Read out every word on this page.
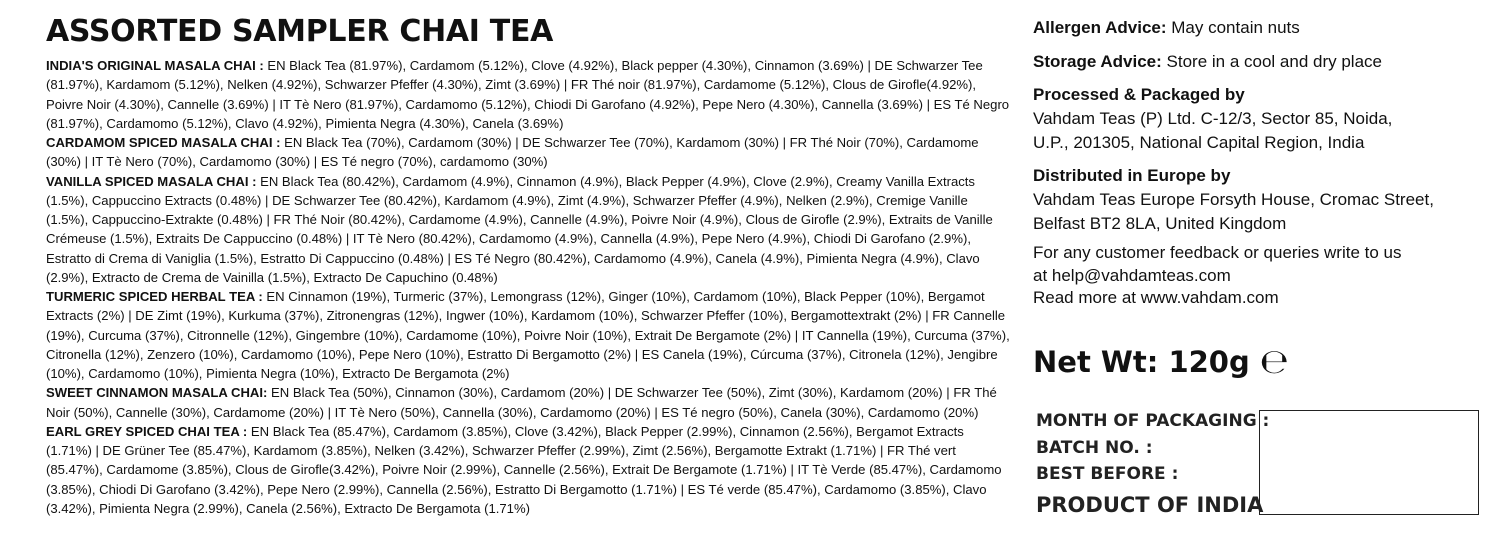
ASSORTED SAMPLER CHAI TEA
INDIA'S ORIGINAL MASALA CHAI : EN Black Tea (81.97%), Cardamom (5.12%), Clove (4.92%), Black pepper (4.30%), Cinnamon (3.69%) | DE Schwarzer Tee (81.97%), Kardamom (5.12%), Nelken (4.92%), Schwarzer Pfeffer (4.30%), Zimt (3.69%) | FR Thé noir (81.97%), Cardamome (5.12%), Clous de Girofle(4.92%), Poivre Noir (4.30%), Cannelle (3.69%) | IT Tè Nero (81.97%), Cardamomo (5.12%), Chiodi Di Garofano (4.92%), Pepe Nero (4.30%), Cannella (3.69%) | ES Té Negro (81.97%), Cardamomo (5.12%), Clavo (4.92%), Pimienta Negra (4.30%), Canela (3.69%)
CARDAMOM SPICED MASALA CHAI : EN Black Tea (70%), Cardamom (30%) | DE Schwarzer Tee (70%), Kardamom (30%) | FR Thé Noir (70%), Cardamome (30%) | IT Tè Nero (70%), Cardamomo (30%) | ES Té negro (70%), cardamomo (30%)
VANILLA SPICED MASALA CHAI : EN Black Tea (80.42%), Cardamom (4.9%), Cinnamon (4.9%), Black Pepper (4.9%), Clove (2.9%), Creamy Vanilla Extracts (1.5%), Cappuccino Extracts (0.48%) | DE Schwarzer Tee (80.42%), Kardamom (4.9%), Zimt (4.9%), Schwarzer Pfeffer (4.9%), Nelken (2.9%), Cremige Vanille (1.5%), Cappuccino-Extrakte (0.48%) | FR Thé Noir (80.42%), Cardamome (4.9%), Cannelle (4.9%), Poivre Noir (4.9%), Clous de Girofle (2.9%), Extraits de Vanille Crémeuse (1.5%), Extraits De Cappuccino (0.48%) | IT Tè Nero (80.42%), Cardamomo (4.9%), Cannella (4.9%), Pepe Nero (4.9%), Chiodi Di Garofano (2.9%), Estratto di Crema di Vaniglia (1.5%), Estratto Di Cappuccino (0.48%) | ES Té Negro (80.42%), Cardamomo (4.9%), Canela (4.9%), Pimienta Negra (4.9%), Clavo (2.9%), Extracto de Crema de Vainilla (1.5%), Extracto De Capuchino (0.48%)
TURMERIC SPICED HERBAL TEA : EN Cinnamon (19%), Turmeric (37%), Lemongrass (12%), Ginger (10%), Cardamom (10%), Black Pepper (10%), Bergamot Extracts (2%) | DE Zimt (19%), Kurkuma (37%), Zitronengras (12%), Ingwer (10%), Kardamom (10%), Schwarzer Pfeffer (10%), Bergamottextrakt (2%) | FR Cannelle (19%), Curcuma (37%), Citronnelle (12%), Gingembre (10%), Cardamome (10%), Poivre Noir (10%), Extrait De Bergamote (2%) | IT Cannella (19%), Curcuma (37%), Citronella (12%), Zenzero (10%), Cardamomo (10%), Pepe Nero (10%), Estratto Di Bergamotto (2%) | ES Canela (19%), Cúrcuma (37%), Citronela (12%), Jengibre (10%), Cardamomo (10%), Pimienta Negra (10%), Extracto De Bergamota (2%)
SWEET CINNAMON MASALA CHAI: EN Black Tea (50%), Cinnamon (30%), Cardamom (20%) | DE Schwarzer Tee (50%), Zimt (30%), Kardamom (20%) | FR Thé Noir (50%), Cannelle (30%), Cardamome (20%) | IT Tè Nero (50%), Cannella (30%), Cardamomo (20%) | ES Té negro (50%), Canela (30%), Cardamomo (20%)
EARL GREY SPICED CHAI TEA : EN Black Tea (85.47%), Cardamom (3.85%), Clove (3.42%), Black Pepper (2.99%), Cinnamon (2.56%), Bergamot Extracts (1.71%) | DE Grüner Tee (85.47%), Kardamom (3.85%), Nelken (3.42%), Schwarzer Pfeffer (2.99%), Zimt (2.56%), Bergamotte Extrakt (1.71%) | FR Thé vert (85.47%), Cardamome (3.85%), Clous de Girofle(3.42%), Poivre Noir (2.99%), Cannelle (2.56%), Extrait De Bergamote (1.71%) | IT Tè Verde (85.47%), Cardamomo (3.85%), Chiodi Di Garofano (3.42%), Pepe Nero (2.99%), Cannella (2.56%), Estratto Di Bergamotto (1.71%) | ES Té verde (85.47%), Cardamomo (3.85%), Clavo (3.42%), Pimienta Negra (2.99%), Canela (2.56%), Extracto De Bergamota (1.71%)
Allergen Advice: May contain nuts
Storage Advice: Store in a cool and dry place
Processed & Packaged by
Vahdam Teas (P) Ltd. C-12/3, Sector 85, Noida,
U.P., 201305, National Capital Region, India
Distributed in Europe by
Vahdam Teas Europe Forsyth House, Cromac Street,
Belfast BT2 8LA, United Kingdom
For any customer feedback or queries write to us
at help@vahdamteas.com
Read more at www.vahdam.com
Net Wt: 120g ℮
MONTH OF PACKAGING :
BATCH NO. :
BEST BEFORE :
PRODUCT OF INDIA
